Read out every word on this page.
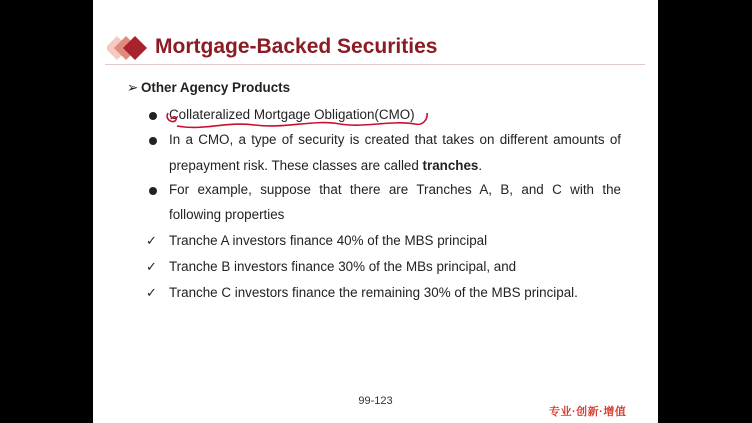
Mortgage-Backed Securities
➢ Other Agency Products
Collateralized Mortgage Obligation(CMO)
In a CMO, a type of security is created that takes on different amounts of
prepayment risk. These classes are called tranches.
For example, suppose that there are Tranches A, B, and C with the
following properties
✓ Tranche A investors finance 40% of the MBS principal
✓ Tranche B investors finance 30% of the MBs principal, and
✓ Tranche C investors finance the remaining 30% of the MBS principal.
99-123
专业·创新·增值
